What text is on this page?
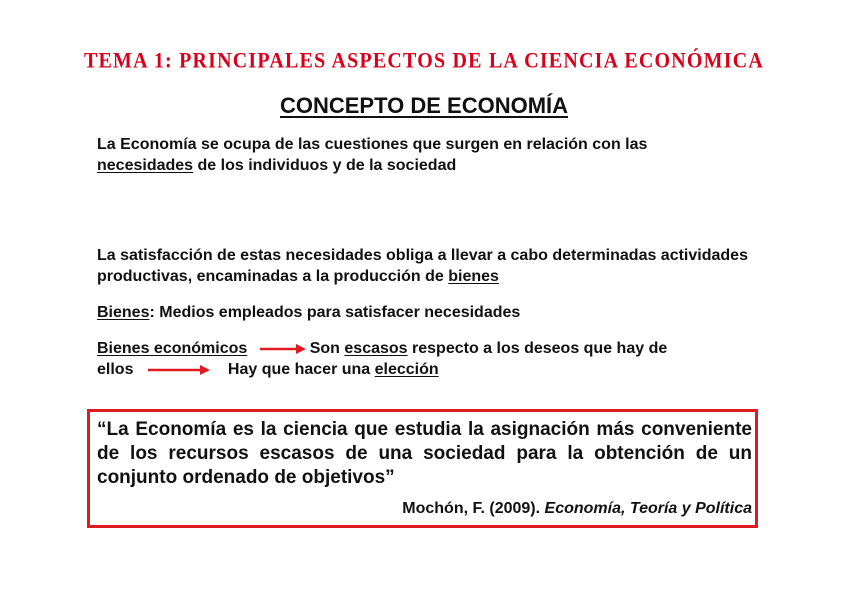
TEMA 1: PRINCIPALES ASPECTOS DE LA CIENCIA ECONÓMICA
CONCEPTO DE ECONOMÍA
La Economía se ocupa de las cuestiones que surgen en relación con las
necesidades de los individuos y de la sociedad
La satisfacción de estas necesidades obliga a llevar a cabo determinadas actividades productivas, encaminadas a la producción de bienes
Bienes: Medios empleados para satisfacer necesidades
Bienes económicos	Son escasos respecto a los deseos que hay de
ellos	Hay que hacer una elección
“La Economía es la ciencia que estudia la asignación más conveniente de los recursos escasos de una sociedad para la obtención de un conjunto ordenado de objetivos”
Mochón, F. (2009). Economía, Teoría y Política
